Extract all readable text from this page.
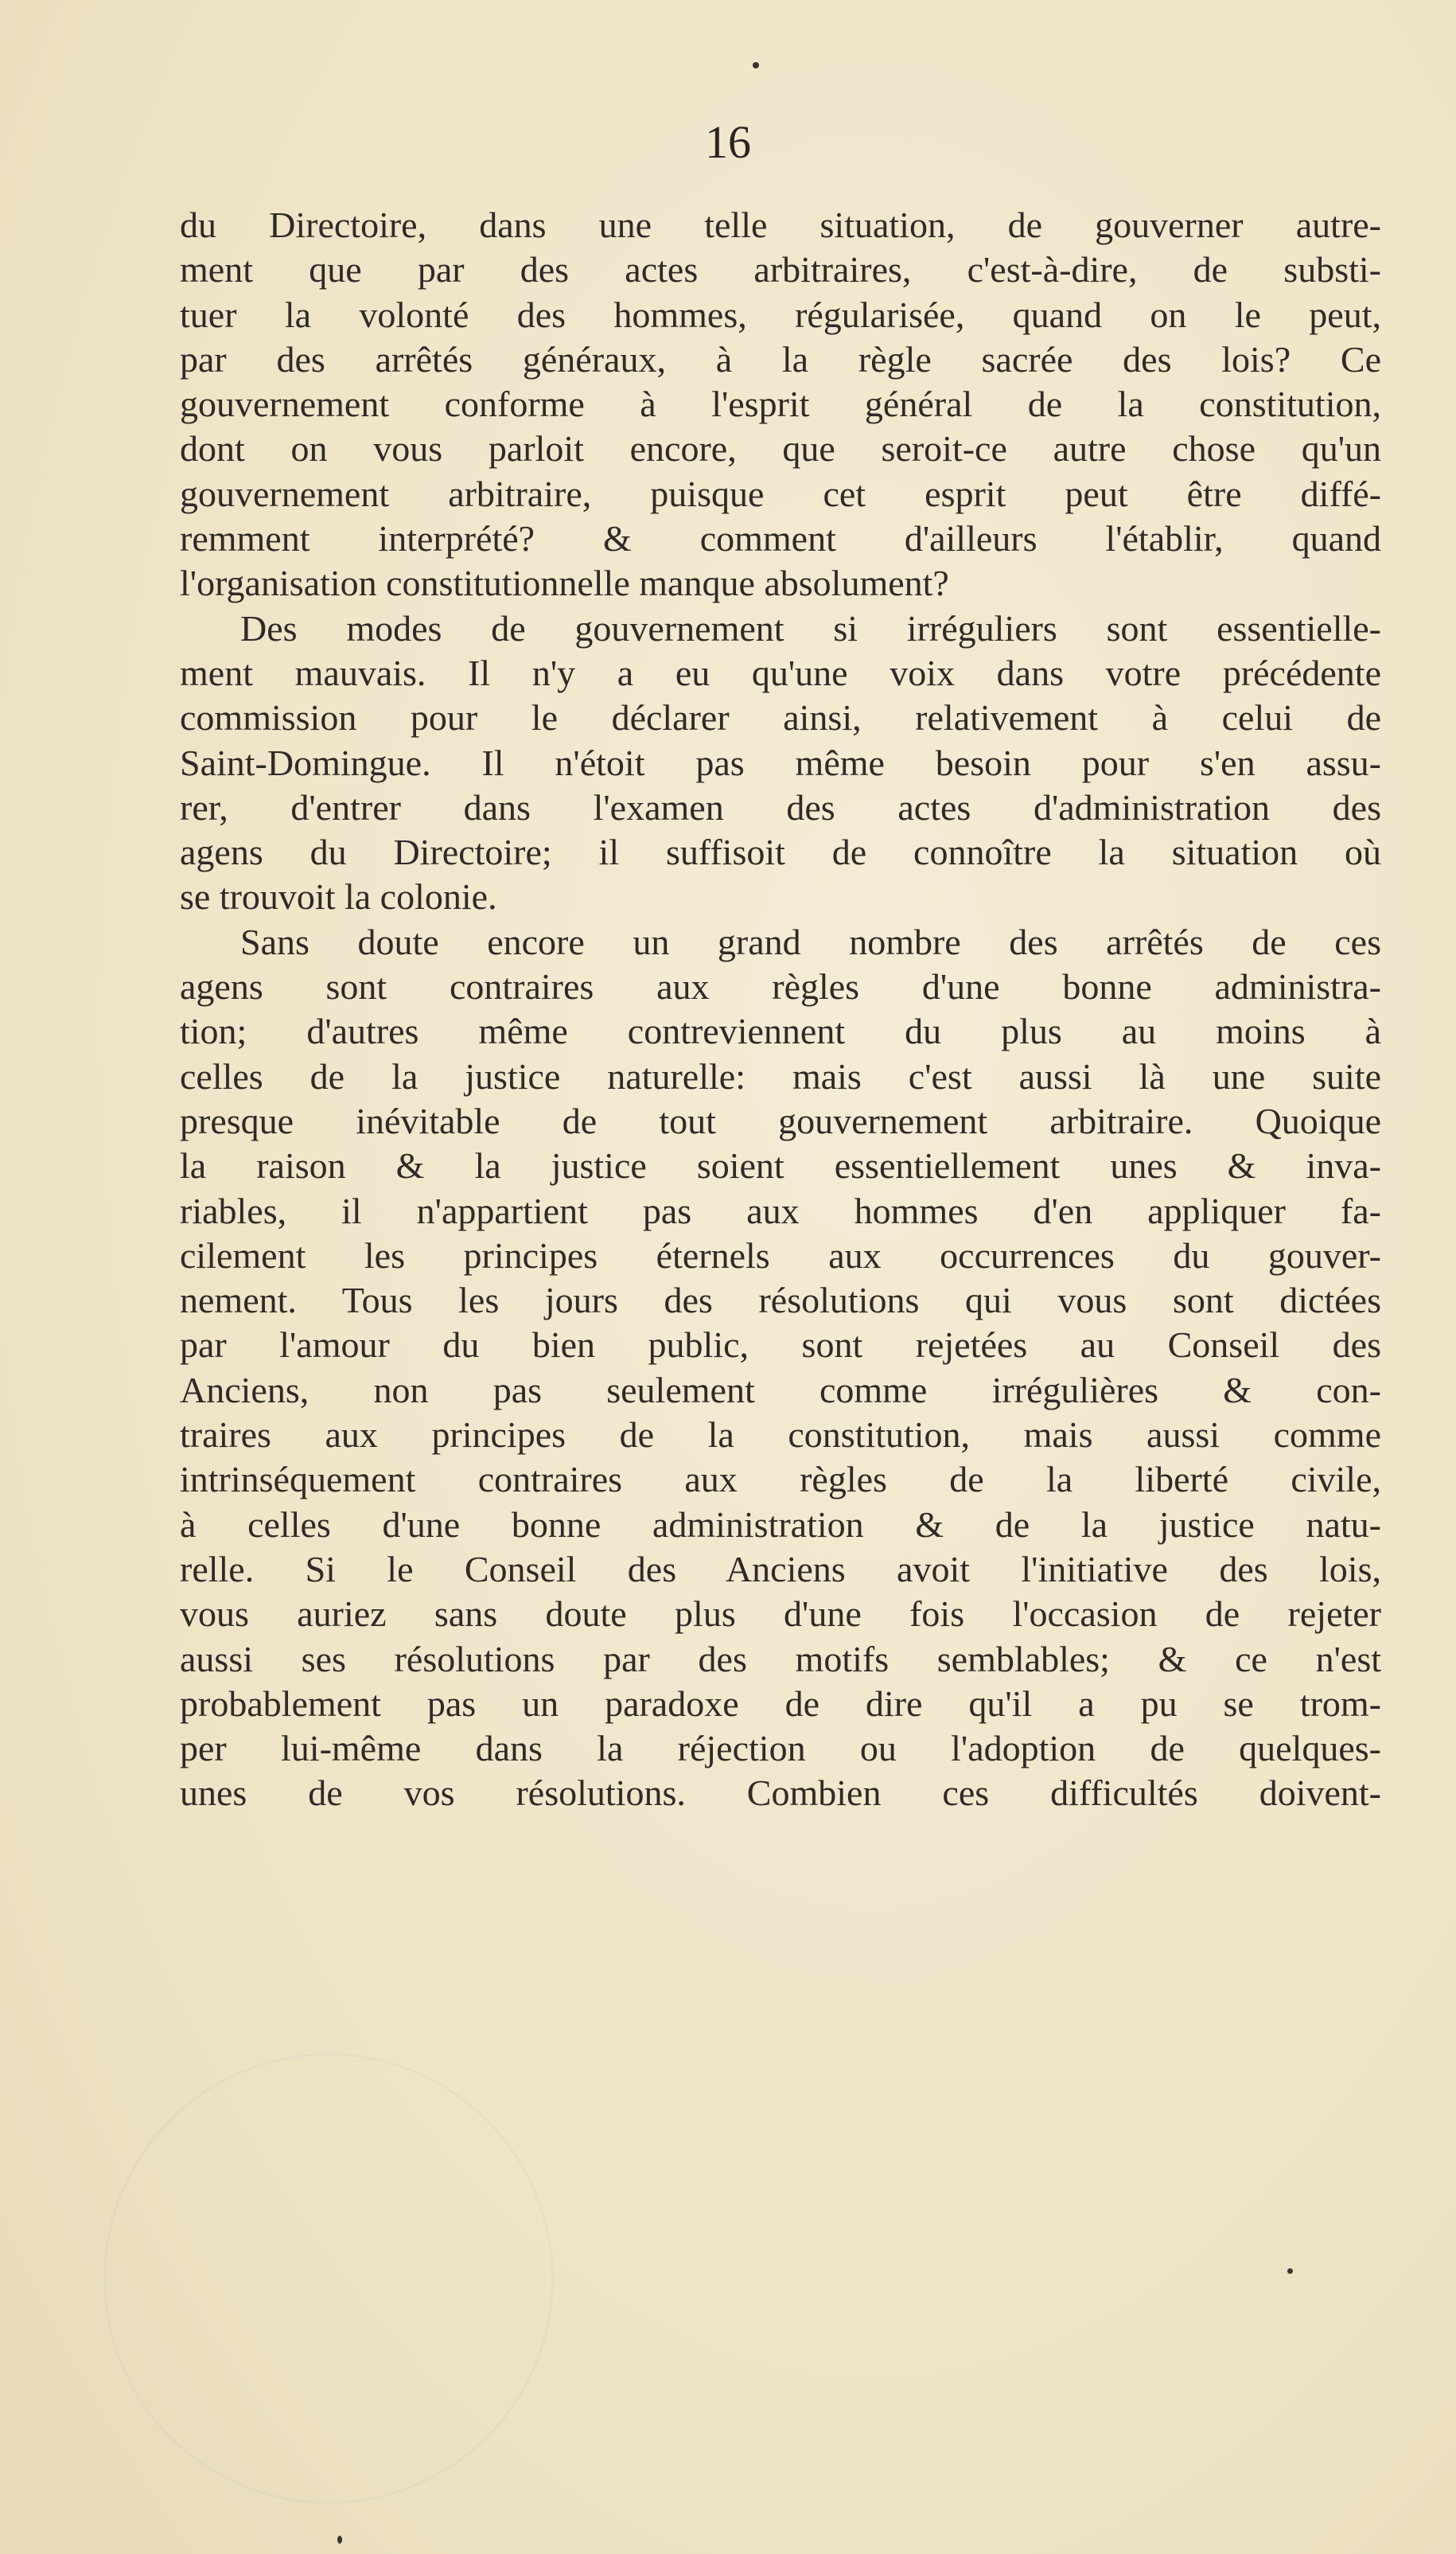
16
du Directoire, dans une telle situation, de gouverner autre-
ment que par des actes arbitraires, c'est-à-dire, de substi-
tuer la volonté des hommes, régularisée, quand on le peut,
par des arrêtés généraux, à la règle sacrée des lois? Ce
gouvernement conforme à l'esprit général de la constitution,
dont on vous parloit encore, que seroit-ce autre chose qu'un
gouvernement arbitraire, puisque cet esprit peut être diffé-
remment interprété? & comment d'ailleurs l'établir, quand
l'organisation constitutionnelle manque absolument?
Des modes de gouvernement si irréguliers sont essentielle-
ment mauvais. Il n'y a eu qu'une voix dans votre précédente
commission pour le déclarer ainsi, relativement à celui de
Saint-Domingue. Il n'étoit pas même besoin pour s'en assu-
rer, d'entrer dans l'examen des actes d'administration des
agens du Directoire; il suffisoit de connoître la situation où
se trouvoit la colonie.
Sans doute encore un grand nombre des arrêtés de ces
agens sont contraires aux règles d'une bonne administra-
tion; d'autres même contreviennent du plus au moins à
celles de la justice naturelle: mais c'est aussi là une suite
presque inévitable de tout gouvernement arbitraire. Quoique
la raison & la justice soient essentiellement unes & inva-
riables, il n'appartient pas aux hommes d'en appliquer fa-
cilement les principes éternels aux occurrences du gouver-
nement. Tous les jours des résolutions qui vous sont dictées
par l'amour du bien public, sont rejetées au Conseil des
Anciens, non pas seulement comme irrégulières & con-
traires aux principes de la constitution, mais aussi comme
intrinséquement contraires aux règles de la liberté civile,
à celles d'une bonne administration & de la justice natu-
relle. Si le Conseil des Anciens avoit l'initiative des lois,
vous auriez sans doute plus d'une fois l'occasion de rejeter
aussi ses résolutions par des motifs semblables; & ce n'est
probablement pas un paradoxe de dire qu'il a pu se trom-
per lui-même dans la réjection ou l'adoption de quelques-
unes de vos résolutions. Combien ces difficultés doivent-
